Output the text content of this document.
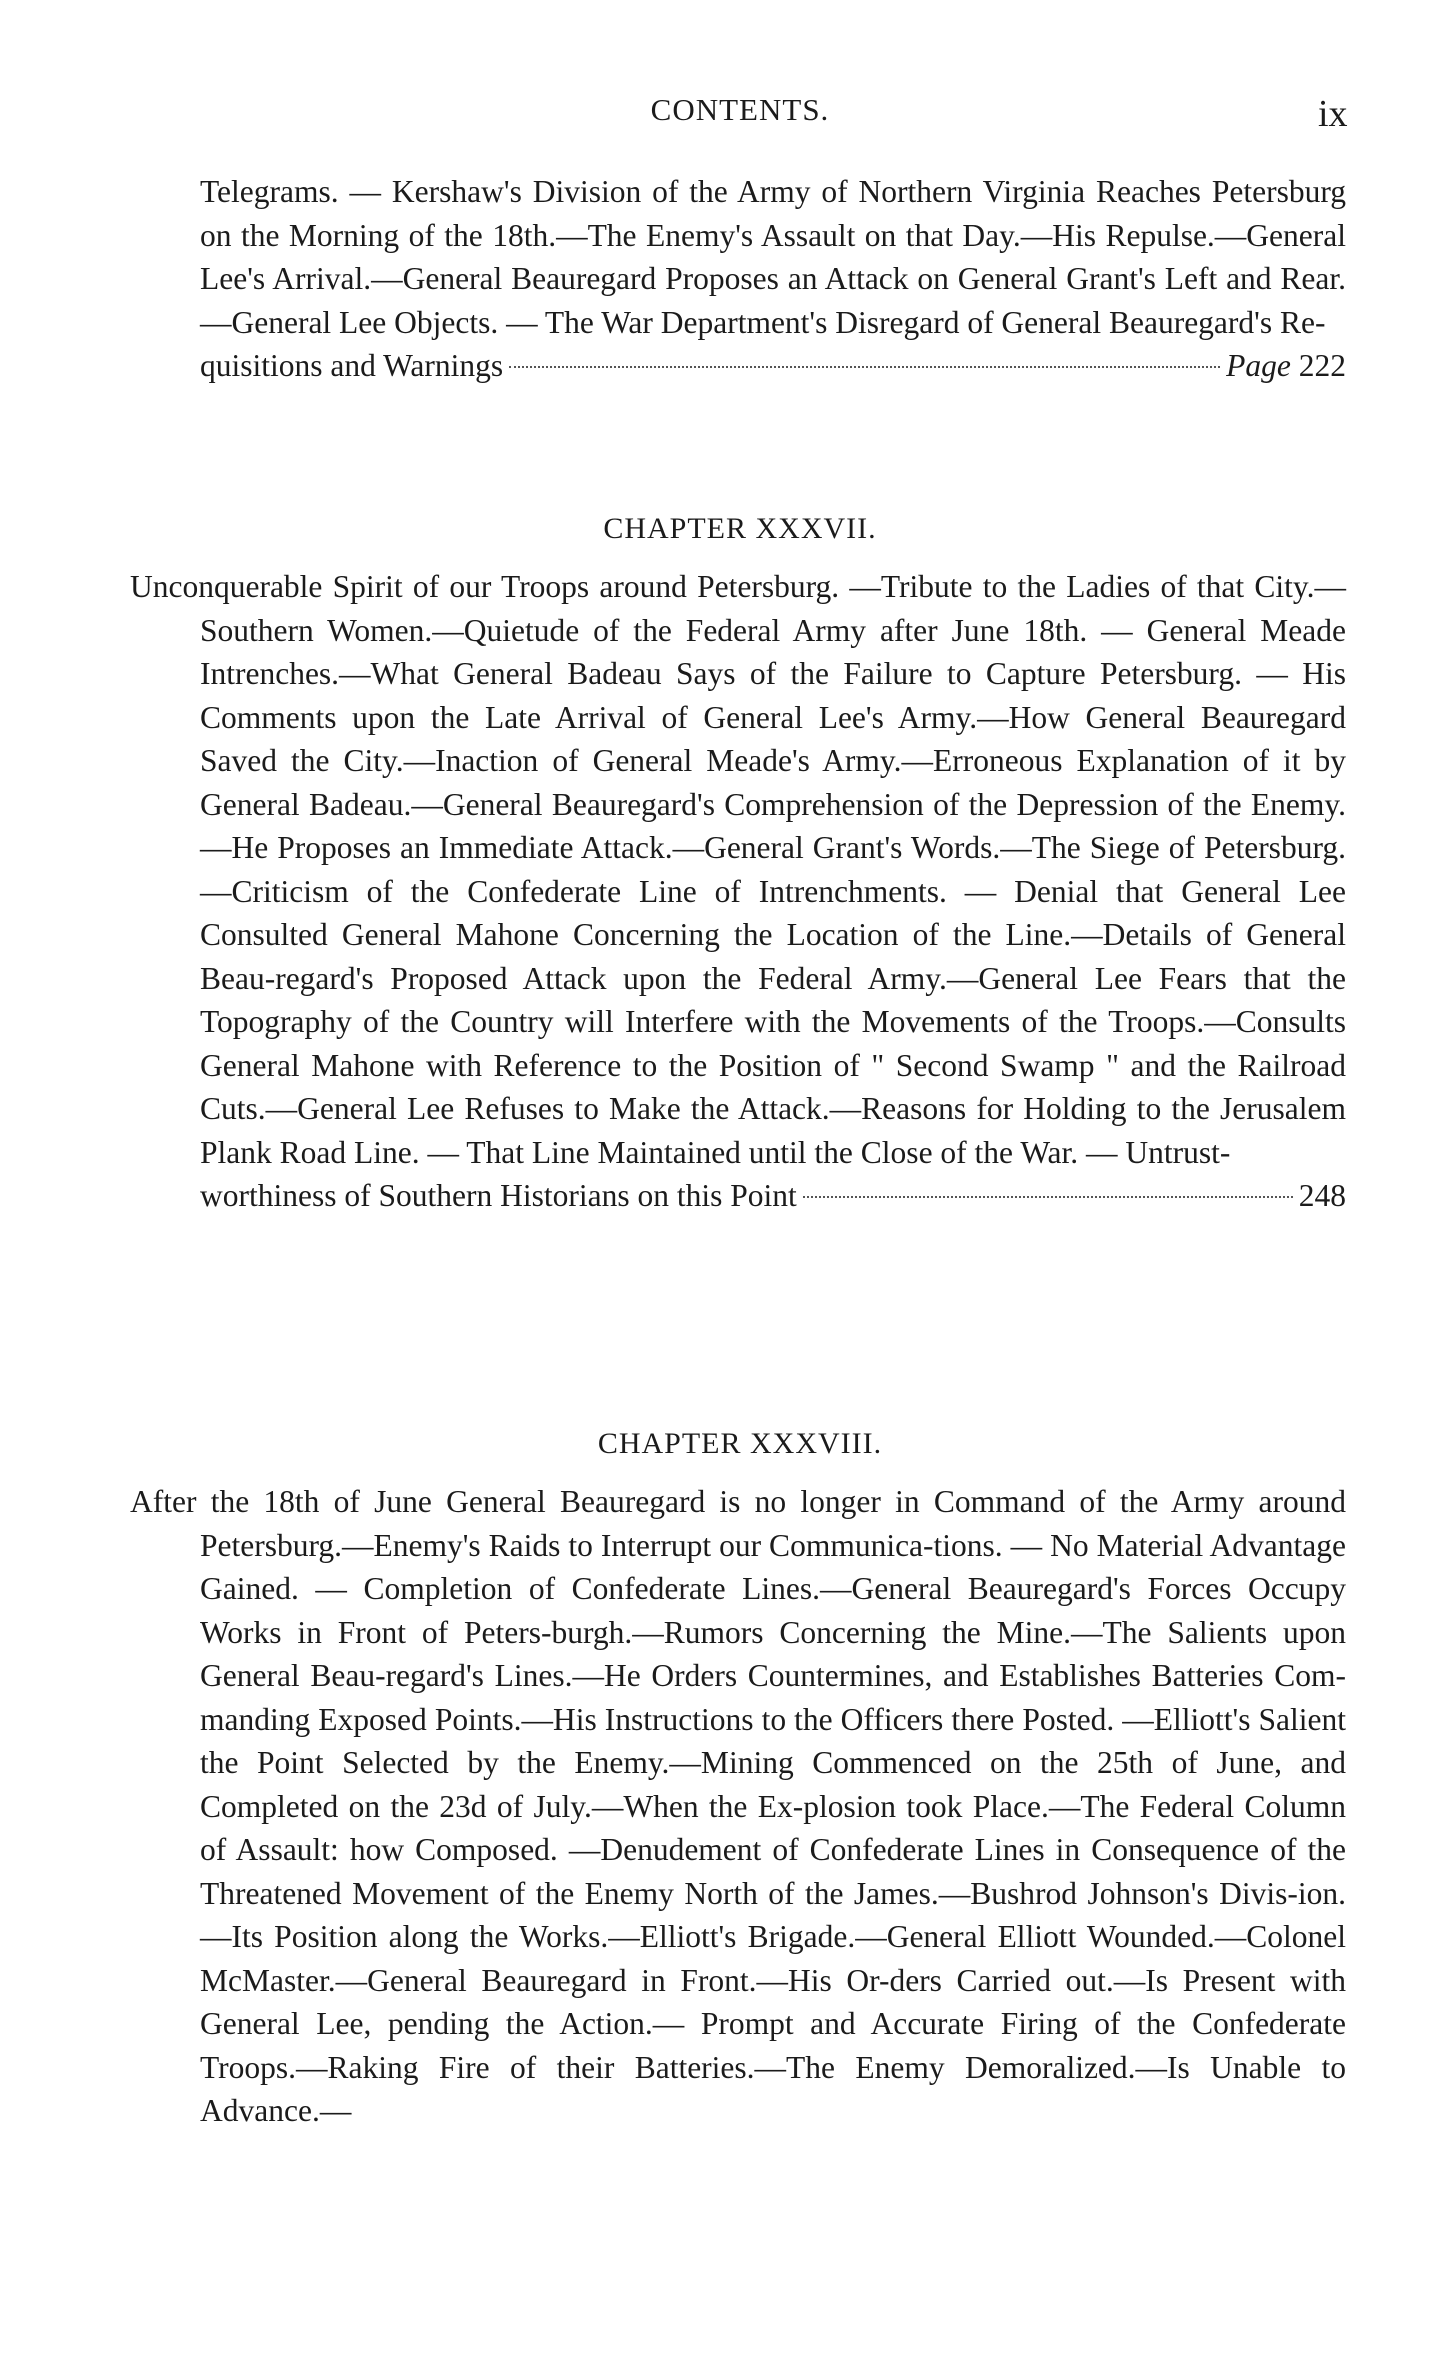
CONTENTS.	ix
Telegrams. — Kershaw's Division of the Army of Northern Virginia Reaches Petersburg on the Morning of the 18th.—The Enemy's Assault on that Day.—His Repulse.—General Lee's Arrival.—General Beauregard Proposes an Attack on General Grant's Left and Rear.—General Lee Objects. — The War Department's Disregard of General Beauregard's Re-
quisitions and Warnings	Page 222
CHAPTER XXXVII.
Unconquerable Spirit of our Troops around Petersburg. —Tribute to the Ladies of that City.—Southern Women.—Quietude of the Federal Army after June 18th. — General Meade Intrenches.—What General Badeau Says of the Failure to Capture Petersburg. — His Comments upon the Late Arrival of General Lee's Army.—How General Beauregard Saved the City.—Inaction of General Meade's Army.—Erroneous Explanation of it by General Badeau.—General Beauregard's Comprehension of the Depression of the Enemy.—He Proposes an Immediate Attack.—General Grant's Words.—The Siege of Petersburg.—Criticism of the Confederate Line of Intrenchments. — Denial that General Lee Consulted General Mahone Concerning the Location of the Line.—Details of General Beau-regard's Proposed Attack upon the Federal Army.—General Lee Fears that the Topography of the Country will Interfere with the Movements of the Troops.—Consults General Mahone with Reference to the Position of " Second Swamp " and the Railroad Cuts.—General Lee Refuses to Make the Attack.—Reasons for Holding to the Jerusalem Plank Road Line. — That Line Maintained until the Close of the War. — Untrust-
worthiness of Southern Historians on this Point	248
CHAPTER XXXVIII.
After the 18th of June General Beauregard is no longer in Command of the Army around Petersburg.—Enemy's Raids to Interrupt our Communica-tions. — No Material Advantage Gained. — Completion of Confederate Lines.—General Beauregard's Forces Occupy Works in Front of Peters-burgh.—Rumors Concerning the Mine.—The Salients upon General Beau-regard's Lines.—He Orders Countermines, and Establishes Batteries Com-manding Exposed Points.—His Instructions to the Officers there Posted. —Elliott's Salient the Point Selected by the Enemy.—Mining Commenced on the 25th of June, and Completed on the 23d of July.—When the Ex-plosion took Place.—The Federal Column of Assault: how Composed. —Denudement of Confederate Lines in Consequence of the Threatened Movement of the Enemy North of the James.—Bushrod Johnson's Divis-ion.—Its Position along the Works.—Elliott's Brigade.—General Elliott Wounded.—Colonel McMaster.—General Beauregard in Front.—His Or-ders Carried out.—Is Present with General Lee, pending the Action.— Prompt and Accurate Firing of the Confederate Troops.—Raking Fire of their Batteries.—The Enemy Demoralized.—Is Unable to Advance.—
